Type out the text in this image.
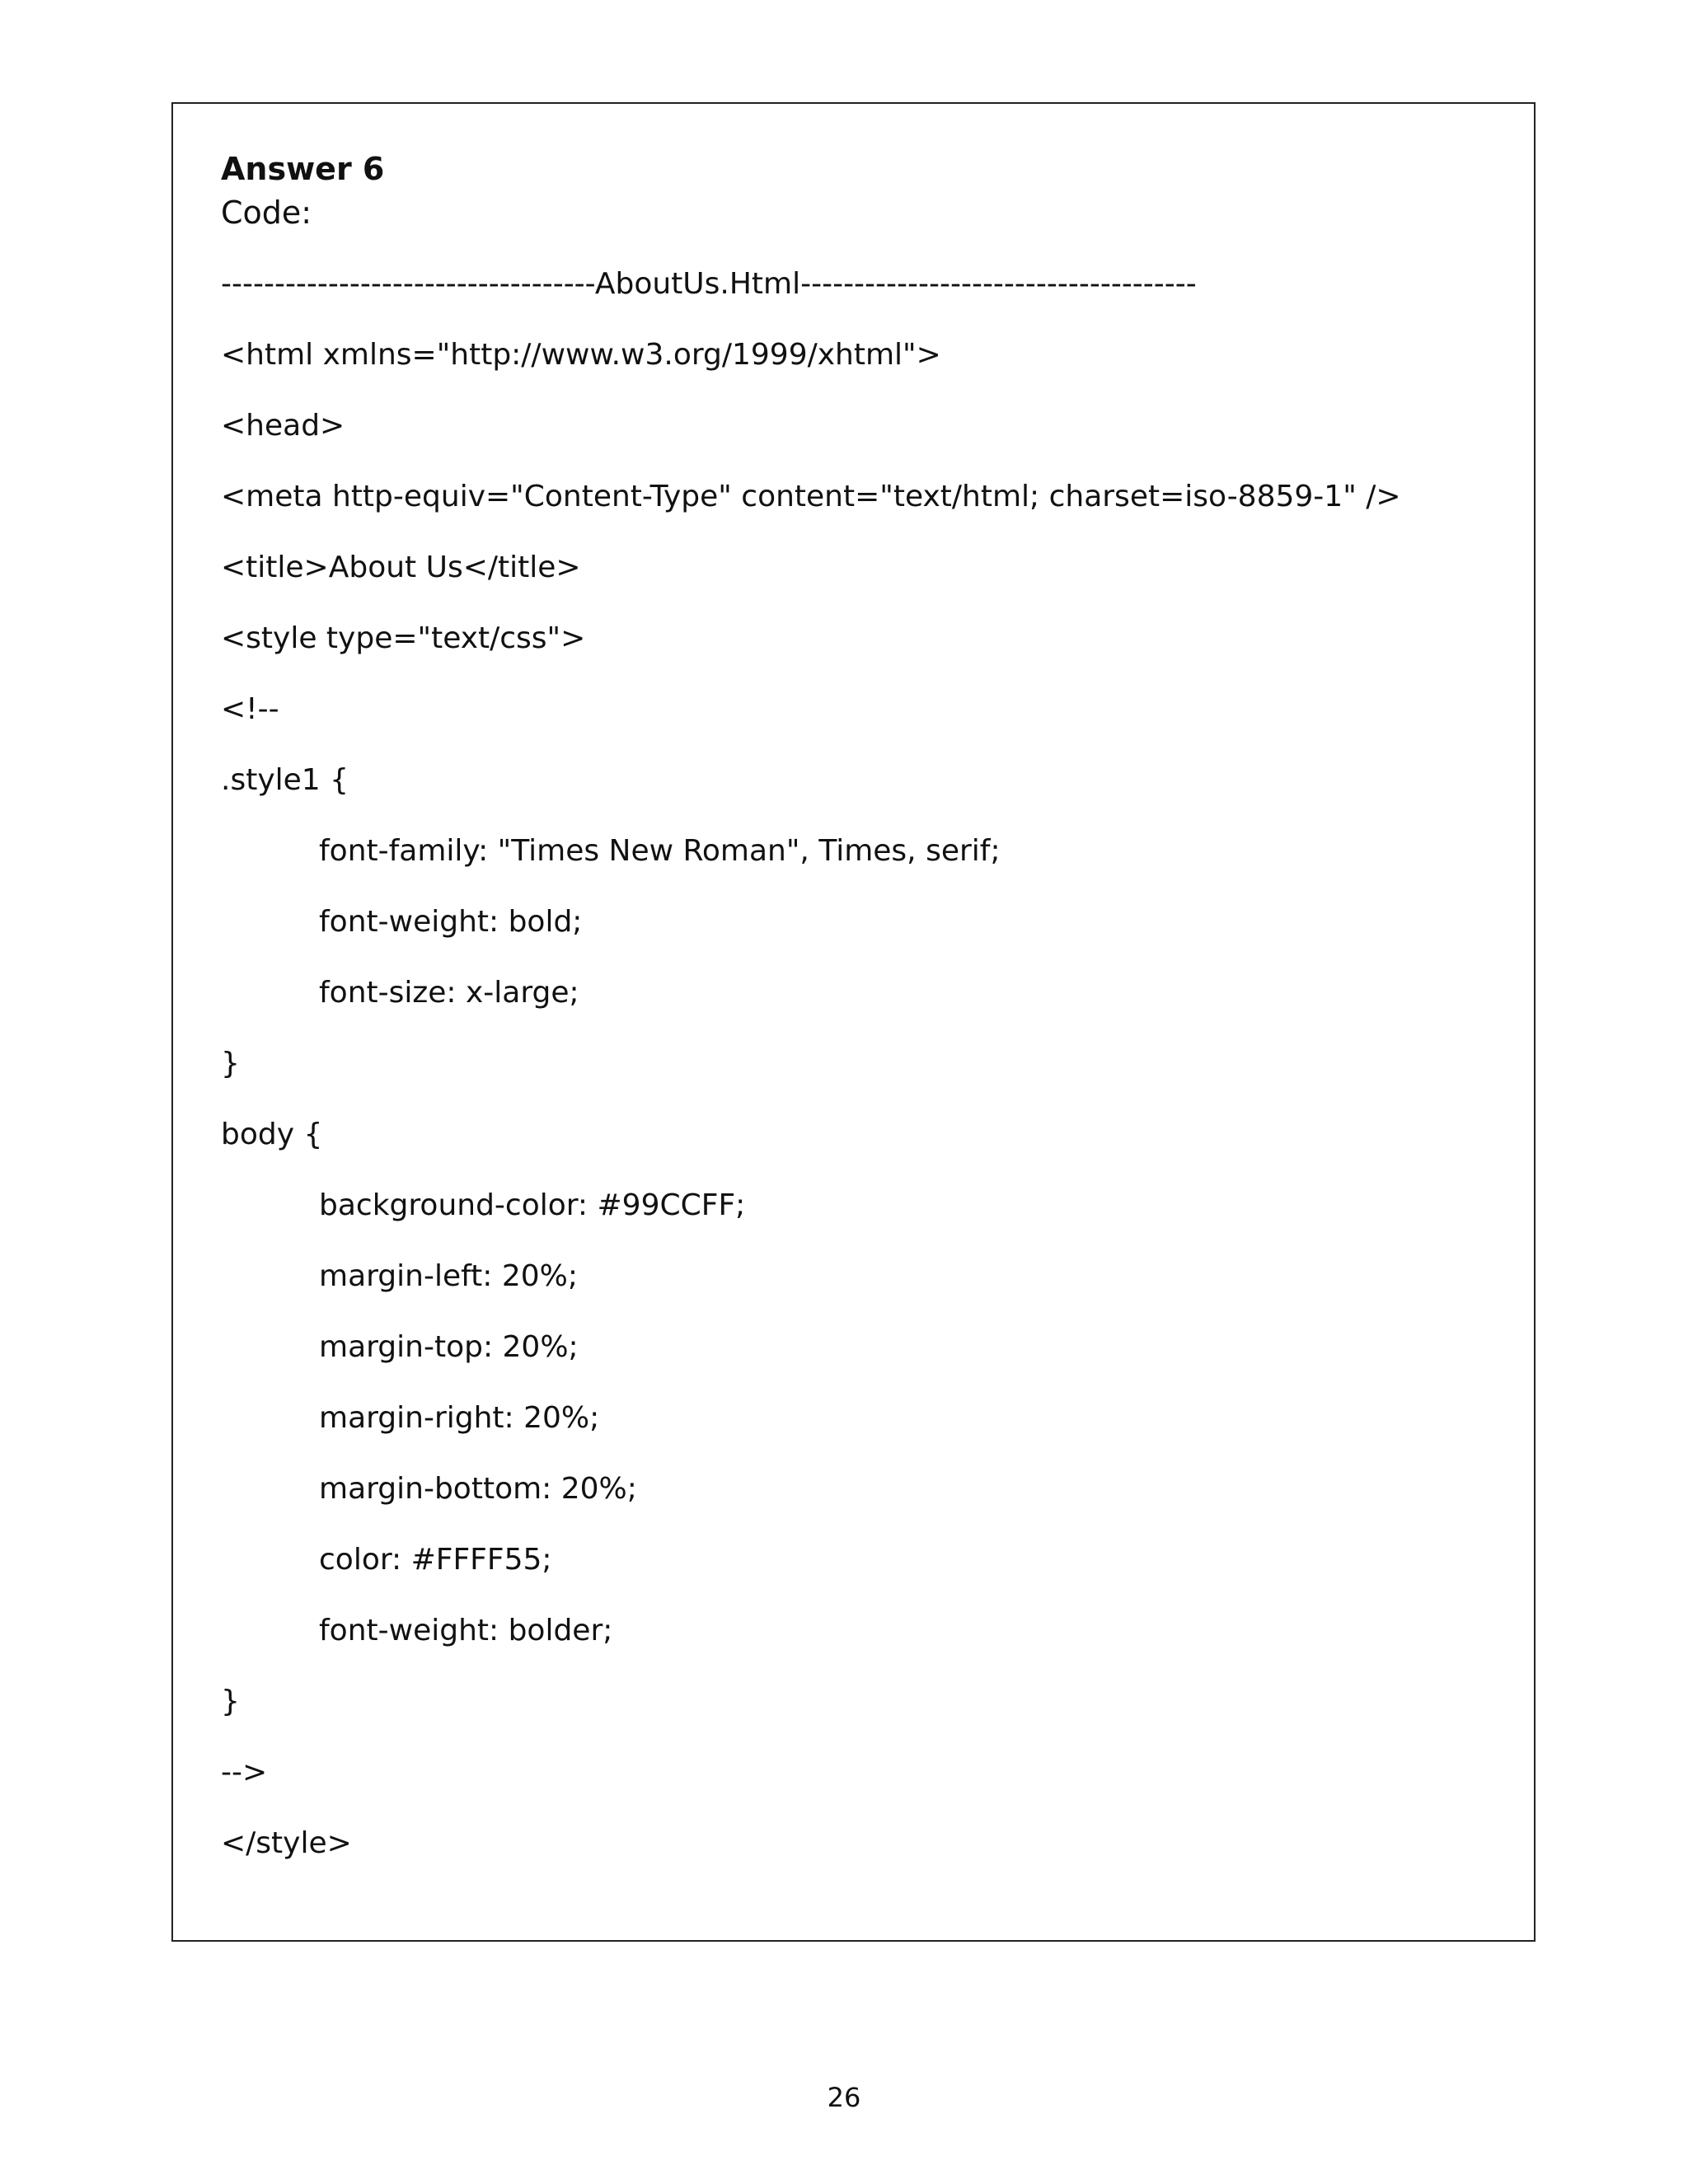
Answer 6
Code:
-----------------------------------AboutUs.Html-------------------------------------
<html xmlns="http://www.w3.org/1999/xhtml">
<head>
<meta http-equiv="Content-Type" content="text/html; charset=iso-8859-1" />
<title>About Us</title>
<style type="text/css">
<!--
.style1 {
font-family: "Times New Roman", Times, serif;
font-weight: bold;
font-size: x-large;
}
body {
background-color: #99CCFF;
margin-left: 20%;
margin-top: 20%;
margin-right: 20%;
margin-bottom: 20%;
color: #FFFF55;
font-weight: bolder;
}
-->
</style>
26
